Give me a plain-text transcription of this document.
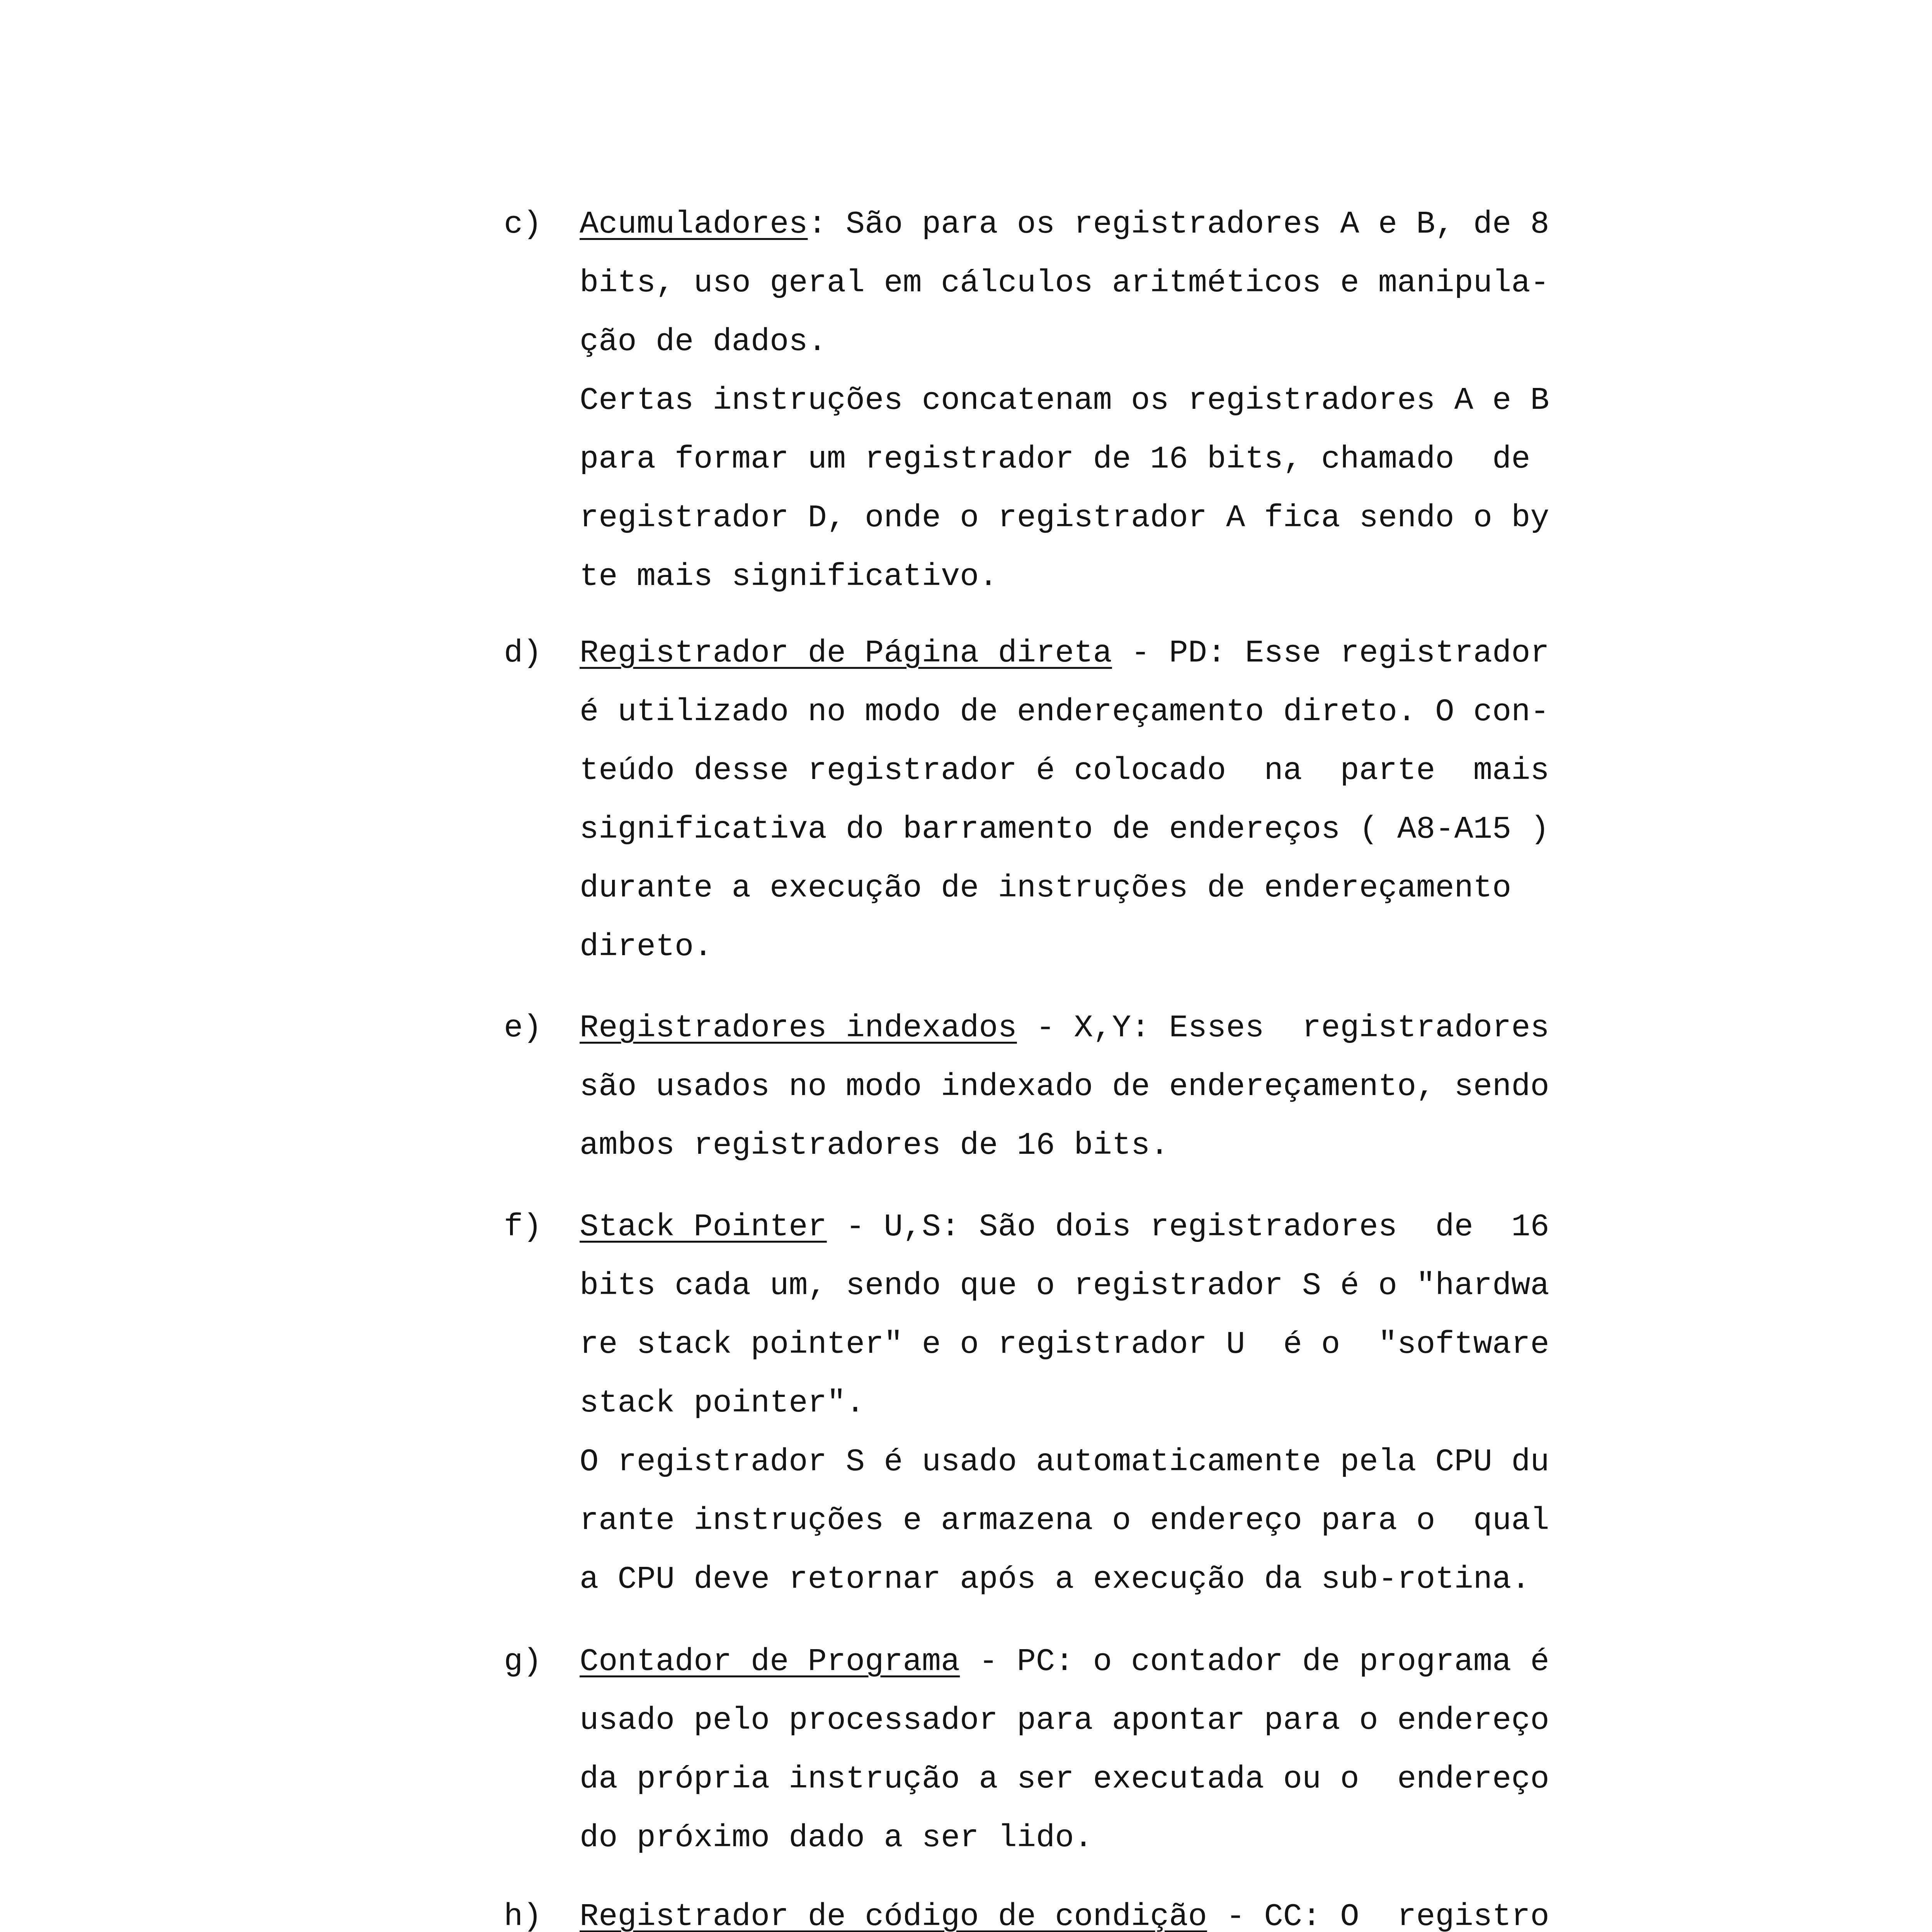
c) Acumuladores: São para os registradores A e B, de 8
bits, uso geral em cálculos aritméticos e manipula-
ção de dados.
Certas instruções concatenam os registradores A e B
para formar um registrador de 16 bits, chamado  de
registrador D, onde o registrador A fica sendo o by
te mais significativo.
d) Registrador de Página direta - PD: Esse registrador
é utilizado no modo de endereçamento direto. O con-
teúdo desse registrador é colocado  na  parte  mais
significativa do barramento de endereços ( A8-A15 )
durante a execução de instruções de endereçamento
direto.
e) Registradores indexados - X,Y: Esses  registradores
são usados no modo indexado de endereçamento, sendo
ambos registradores de 16 bits.
f) Stack Pointer - U,S: São dois registradores  de  16
bits cada um, sendo que o registrador S é o "hardwa
re stack pointer" e o registrador U  é o  "software
stack pointer".
O registrador S é usado automaticamente pela CPU du
rante instruções e armazena o endereço para o  qual
a CPU deve retornar após a execução da sub-rotina.
g) Contador de Programa - PC: o contador de programa é
usado pelo processador para apontar para o endereço
da própria instrução a ser executada ou o  endereço
do próximo dado a ser lido.
h) Registrador de código de condição - CC: O  registro
